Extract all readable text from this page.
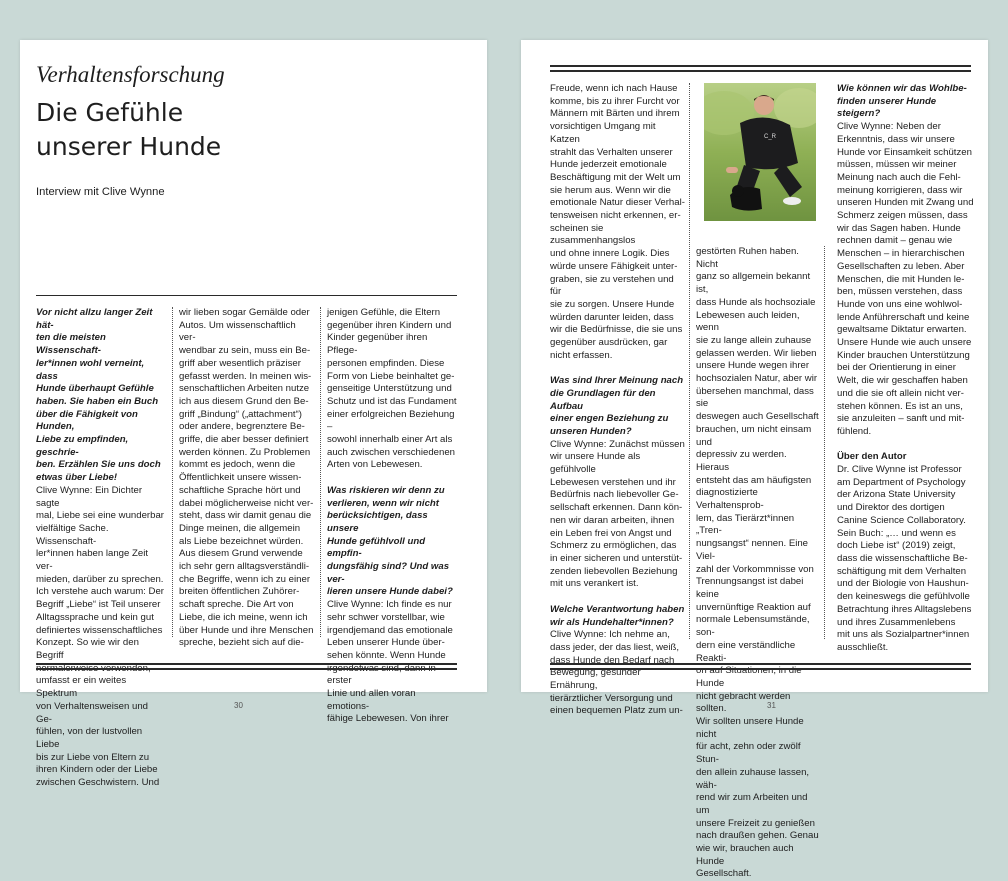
Verhaltensforschung
Die Gefühle
unserer Hunde

Interview mit Clive Wynne

Vor nicht allzu langer Zeit hät-

ten die meisten Wissenschaft-

ler*innen wohl verneint, dass

Hunde überhaupt Gefühle

haben. Sie haben ein Buch

über die Fähigkeit von Hunden,

Liebe zu empfinden, geschrie-

ben. Erzählen Sie uns doch

etwas über Liebe!

Clive Wynne: Ein Dichter sagte

mal, Liebe sei eine wunderbar

vielfältige Sache. Wissenschaft-

ler*innen haben lange Zeit ver-

mieden, darüber zu sprechen.

Ich verstehe auch warum: Der

Begriff „Liebe“ ist Teil unserer

Alltagssprache und kein gut

definiertes wissenschaftliches

Konzept. So wie wir den Begriff

normalerweise verwenden,

umfasst er ein weites Spektrum

von Verhaltensweisen und Ge-

fühlen, von der lustvollen Liebe

bis zur Liebe von Eltern zu

ihren Kindern oder der Liebe

zwischen Geschwistern. Und

wir lieben sogar Gemälde oder

Autos. Um wissenschaftlich ver-

wendbar zu sein, muss ein Be-

griff aber wesentlich präziser

gefasst werden. In meinen wis-

senschaftlichen Arbeiten nutze

ich aus diesem Grund den Be-

griff „Bindung“ („attachment“)

oder andere, begrenztere Be-

griffe, die aber besser definiert

werden können. Zu Problemen

kommt es jedoch, wenn die

Öffentlichkeit unsere wissen-

schaftliche Sprache hört und

dabei möglicherweise nicht ver-

steht, dass wir damit genau die

Dinge meinen, die allgemein

als Liebe bezeichnet würden.

Aus diesem Grund verwende

ich sehr gern alltagsverständli-

che Begriffe, wenn ich zu einer

breiten öffentlichen Zuhörer-

schaft spreche. Die Art von

Liebe, die ich meine, wenn ich

über Hunde und ihre Menschen

spreche, bezieht sich auf die-

jenigen Gefühle, die Eltern

gegenüber ihren Kindern und

Kinder gegenüber ihren Pflege-

personen empfinden. Diese

Form von Liebe beinhaltet ge-

genseitige Unterstützung und

Schutz und ist das Fundament

einer erfolgreichen Beziehung –

sowohl innerhalb einer Art als

auch zwischen verschiedenen

Arten von Lebewesen.

Was riskieren wir denn zu

verlieren, wenn wir nicht

berücksichtigen, dass unsere

Hunde gefühlvoll und empfin-

dungsfähig sind? Und was ver-

lieren unsere Hunde dabei?

Clive Wynne: Ich finde es nur

sehr schwer vorstellbar, wie

irgendjemand das emotionale

Leben unserer Hunde über-

sehen könnte. Wenn Hunde

irgendetwas sind, dann in erster

Linie und allen voran emotions-

fähige Lebewesen. Von ihrer

30

Freude, wenn ich nach Hause

komme, bis zu ihrer Furcht vor

Männern mit Bärten und ihrem

vorsichtigen Umgang mit Katzen

strahlt das Verhalten unserer

Hunde jederzeit emotionale

Beschäftigung mit der Welt um

sie herum aus. Wenn wir die

emotionale Natur dieser Verhal-

tensweisen nicht erkennen, er-

scheinen sie zusammenhangslos

und ohne innere Logik. Dies

würde unsere Fähigkeit unter-

graben, sie zu verstehen und für

sie zu sorgen. Unsere Hunde

würden darunter leiden, dass

wir die Bedürfnisse, die sie uns

gegenüber ausdrücken, gar

nicht erfassen.

Was sind Ihrer Meinung nach

die Grundlagen für den Aufbau

einer engen Beziehung zu

unseren Hunden?

Clive Wynne: Zunächst müssen

wir unsere Hunde als gefühlvolle

Lebewesen verstehen und ihr

Bedürfnis nach liebevoller Ge-

sellschaft erkennen. Dann kön-

nen wir daran arbeiten, ihnen

ein Leben frei von Angst und

Schmerz zu ermöglichen, das

in einer sicheren und unterstüt-

zenden liebevollen Beziehung

mit uns verankert ist.

Welche Verantwortung haben

wir als Hundehalter*innen?

Clive Wynne: Ich nehme an,

dass jeder, der das liest, weiß,

dass Hunde den Bedarf nach

Bewegung, gesunder Ernährung,

tierärztlicher Versorgung und

einen bequemen Platz zum un-

C_R

gestörten Ruhen haben. Nicht

ganz so allgemein bekannt ist,

dass Hunde als hochsoziale

Lebewesen auch leiden, wenn

sie zu lange allein zuhause

gelassen werden. Wir lieben

unsere Hunde wegen ihrer

hochsozialen Natur, aber wir

übersehen manchmal, dass sie

deswegen auch Gesellschaft

brauchen, um nicht einsam und

depressiv zu werden. Hieraus

entsteht das am häufigsten

diagnostizierte Verhaltensprob-

lem, das Tierärzt*innen „Tren-

nungsangst“ nennen. Eine Viel-

zahl der Vorkommnisse von

Trennungsangst ist dabei keine

unvernünftige Reaktion auf

normale Lebensumstände, son-

dern eine verständliche Reakti-

on auf Situationen, in die Hunde

nicht gebracht werden sollten.

Wir sollten unsere Hunde nicht

für acht, zehn oder zwölf Stun-

den allein zuhause lassen, wäh-

rend wir zum Arbeiten und um

unsere Freizeit zu genießen

nach draußen gehen. Genau

wie wir, brauchen auch Hunde

Gesellschaft.

Wie können wir das Wohlbe-

finden unserer Hunde steigern?

Clive Wynne: Neben der

Erkenntnis, dass wir unsere

Hunde vor Einsamkeit schützen

müssen, müssen wir meiner

Meinung nach auch die Fehl-

meinung korrigieren, dass wir

unseren Hunden mit Zwang und

Schmerz zeigen müssen, dass

wir das Sagen haben. Hunde

rechnen damit – genau wie

Menschen – in hierarchischen

Gesellschaften zu leben. Aber

Menschen, die mit Hunden le-

ben, müssen verstehen, dass

Hunde von uns eine wohlwol-

lende Anführerschaft und keine

gewaltsame Diktatur erwarten.

Unsere Hunde wie auch unsere

Kinder brauchen Unterstützung

bei der Orientierung in einer

Welt, die wir geschaffen haben

und die sie oft allein nicht ver-

stehen können. Es ist an uns,

sie anzuleiten – sanft und mit-

fühlend.

Über den Autor

Dr. Clive Wynne ist Professor

am Department of Psychology

der Arizona State University

und Direktor des dortigen

Canine Science Collaboratory.

Sein Buch: „… und wenn es

doch Liebe ist“ (2019) zeigt,

dass die wissenschaftliche Be-

schäftigung mit dem Verhalten

und der Biologie von Haushun-

den keineswegs die gefühlvolle

Betrachtung ihres Alltagslebens

und ihres Zusammenlebens

mit uns als Sozialpartner*innen

ausschließt.

31
